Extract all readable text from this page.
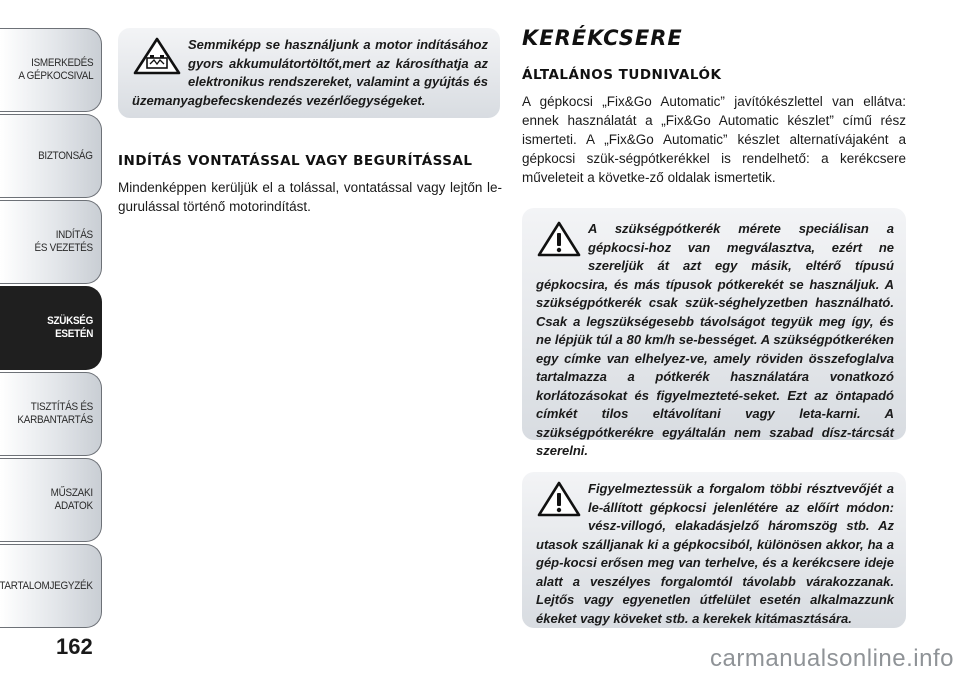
ISMERKEDÉS
A GÉPKOCSIVAL
BIZTONSÁG
INDÍTÁS
ÉS VEZETÉS
SZÜKSÉG
ESETÉN
TISZTÍTÁS ÉS
KARBANTARTÁS
MŰSZAKI
ADATOK
TARTALOMJEGYZÉK
162

Semmiképp se használjunk a motor indításához gyors akkumulátortöltőt,mert az károsíthatja az elektronikus rendszereket, valamint a gyújtás és üzemanyagbefecskendezés vezérlőegységeket.

INDÍTÁS VONTATÁSSAL VAGY BEGURÍTÁSSAL

Mindenképpen kerüljük el a tolással, vontatással vagy lejtőn le-gurulással történő motorindítást.

KERÉKCSERE
ÁLTALÁNOS TUDNIVALÓK

A gépkocsi „Fix&Go Automatic” javítókészlettel van ellátva: ennek használatát a „Fix&Go Automatic készlet” című rész ismerteti. A „Fix&Go Automatic” készlet alternatívájaként a gépkocsi szük-ségpótkerékkel is rendelhető: a kerékcsere műveleteit a követke-ző oldalak ismertetik.

A szükségpótkerék mérete speciálisan a gépkocsi-hoz van megválasztva, ezért ne szereljük át azt egy másik, eltérő típusú gépkocsira, és más típusok pótkerekét se használjuk. A szükségpótkerék csak szük-séghelyzetben használható. Csak a legszükségesebb távolságot tegyük meg így, és ne lépjük túl a 80 km/h se-bességet. A szükségpótkeréken egy címke van elhelyez-ve, amely röviden összefoglalva tartalmazza a pótkerék használatára vonatkozó korlátozásokat és figyelmezteté-seket. Ezt az öntapadó címkét tilos eltávolítani vagy leta-karni. A szükségpótkerékre egyáltalán nem szabad dísz-tárcsát szerelni.

Figyelmeztessük a forgalom többi résztvevőjét a le-állított gépkocsi jelenlétére az előírt módon: vész-villogó, elakadásjelző háromszög stb. Az utasok szálljanak ki a gépkocsiból, különösen akkor, ha a gép-kocsi erősen meg van terhelve, és a kerékcsere ideje alatt a veszélyes forgalomtól távolabb várakozzanak. Lejtős vagy egyenetlen útfelület esetén alkalmazzunk ékeket vagy köveket stb. a kerekek kitámasztására.

carmanualsonline.info
